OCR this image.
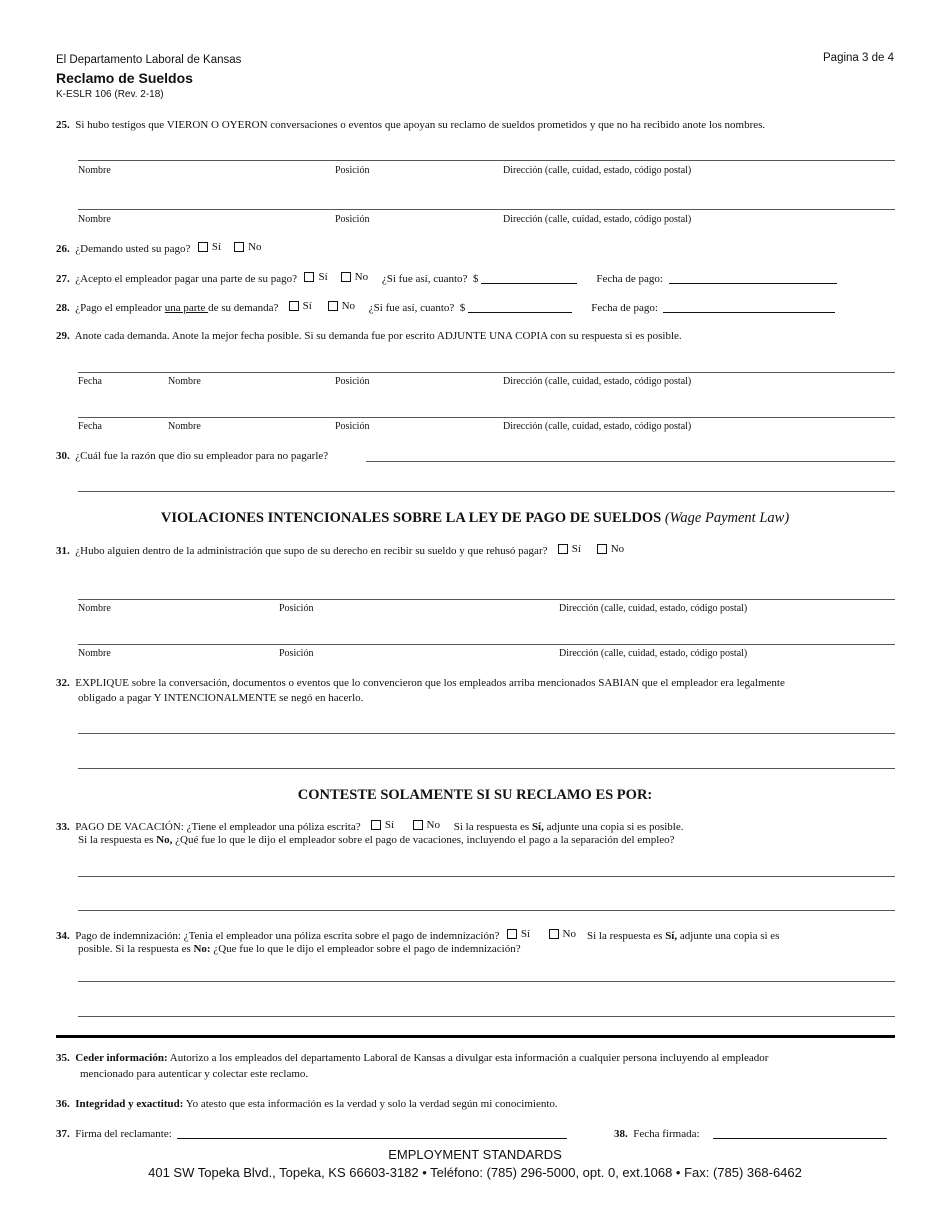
El Departamento Laboral de Kansas
Reclamo de Sueldos
K-ESLR 106 (Rev. 2-18)
Pagina 3 de 4
25. Si hubo testigos que VIERON O OYERON conversaciones o eventos que apoyan su reclamo de sueldos prometidos y que no ha recibido anote los nombres.
Nombre	Posición	Dirección (calle, cuidad, estado, código postal)
Nombre	Posición	Dirección (calle, cuidad, estado, código postal)
26. ¿Demando usted su pago? Sí
No
27. ¿Acepto el empleador pagar una parte de su pago? Sí
No ¿Si fue así, cuanto? $	Fecha de pago:
28. ¿Pago el empleador una parte de su demanda? Sí
	No ¿Si fue así, cuanto? $	Fecha de pago:
29. Anote cada demanda. Anote la mejor fecha posible. Si su demanda fue por escrito ADJUNTE UNA COPIA con su respuesta si es posible.
Fecha	Nombre	Posición	Dirección (calle, cuidad, estado, código postal)
Fecha	Nombre	Posición	Dirección (calle, cuidad, estado, código postal)
30. ¿Cuál fue la razón que dio su empleador para no pagarle?
VIOLACIONES INTENCIONALES SOBRE LA LEY DE PAGO DE SUELDOS (Wage Payment Law)
31. ¿Hubo alguien dentro de la administración que supo de su derecho en recibir su sueldo y que rehusó pagar? Sí
	No
Nombre	Posición	Dirección (calle, cuidad, estado, código postal)
Nombre	Posición	Dirección (calle, cuidad, estado, código postal)
32. EXPLIQUE sobre la conversación, documentos o eventos que lo convencieron que los empleados arriba mencionados SABIAN que el empleador era legalmente
obligado a pagar Y INTENCIONALMENTE se negó en hacerlo.
CONTESTE SOLAMENTE SI SU RECLAMO ES POR:
33. PAGO DE VACACIÓN: ¿Tiene el empleador una póliza escrita? Sí
	No Si la respuesta es Sí, adjunte una copia si es posible.
Si la respuesta es No, ¿Qué fue lo que le dijo el empleador sobre el pago de vacaciones, incluyendo el pago a la separación del empleo?
34. Pago de indemnización: ¿Tenia el empleador una póliza escrita sobre el pago de indemnización? Sí
	No Si la respuesta es Sí, adjunte una copia si es
posible. Si la respuesta es No: ¿Que fue lo que le dijo el empleador sobre el pago de indemnización?
35. Ceder información: Autorizo a los empleados del departamento Laboral de Kansas a divulgar esta información a cualquier persona incluyendo al empleador
mencionado para autenticar y colectar este reclamo.
36. Integridad y exactitud: Yo atesto que esta información es la verdad y solo la verdad según mi conocimiento.
37. Firma del reclamante:	38. Fecha firmada:
EMPLOYMENT STANDARDS
401 SW Topeka Blvd., Topeka, KS 66603-3182 • Teléfono: (785) 296-5000, opt. 0, ext.1068 • Fax: (785) 368-6462
